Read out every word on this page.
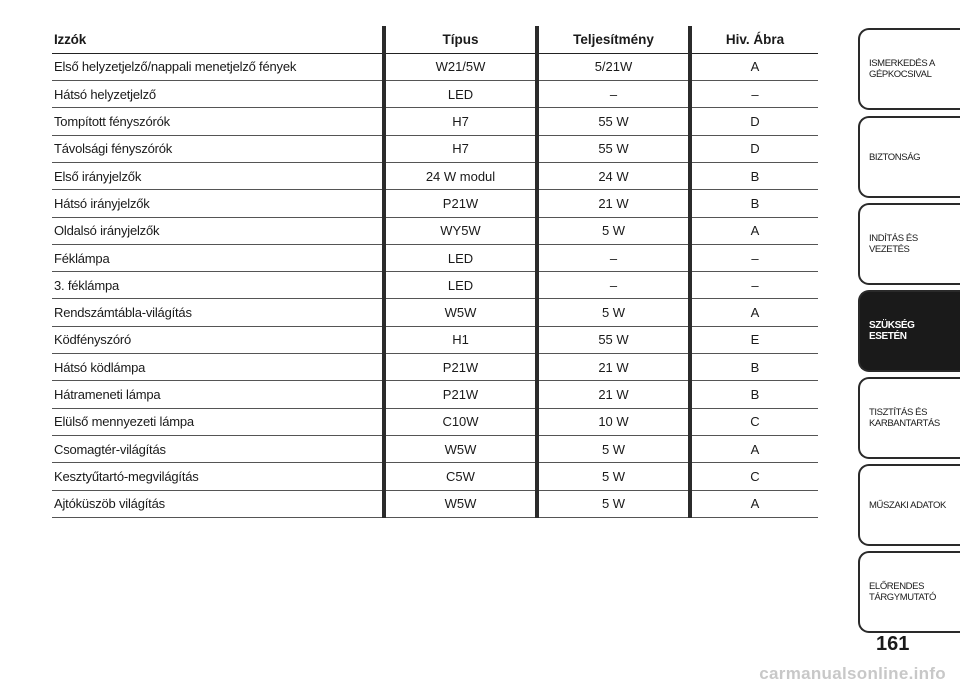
Izzók	Típus	Teljesítmény	Hiv. Ábra
Első helyzetjelző/nappali menetjelző fények	W21/5W	5/21W	A
Hátsó helyzetjelző	LED	–	–
Tompított fényszórók	H7	55 W	D
Távolsági fényszórók	H7	55 W	D
Első irányjelzők	24 W modul	24 W	B
Hátsó irányjelzők	P21W	21 W	B
Oldalsó irányjelzők	WY5W	5 W	A
Féklámpa	LED	–	–
3. féklámpa	LED	–	–
Rendszámtábla-világítás	W5W	5 W	A
Ködfényszóró	H1	55 W	E
Hátsó ködlámpa	P21W	21 W	B
Hátrameneti lámpa	P21W	21 W	B
Elülső mennyezeti lámpa	C10W	10 W	C
Csomagtér-világítás	W5W	5 W	A
Kesztyűtartó-megvilágítás	C5W	5 W	C
Ajtóküszöb világítás	W5W	5 W	A
ISMERKEDÉS A
GÉPKOCSIVAL
BIZTONSÁG
INDÍTÁS ÉS VEZETÉS
SZÜKSÉG ESETÉN
TISZTÍTÁS ÉS
KARBANTARTÁS
MŰSZAKI ADATOK
ELŐRENDES
TÁRGYMUTATÓ
161
carmanualsonline.info
